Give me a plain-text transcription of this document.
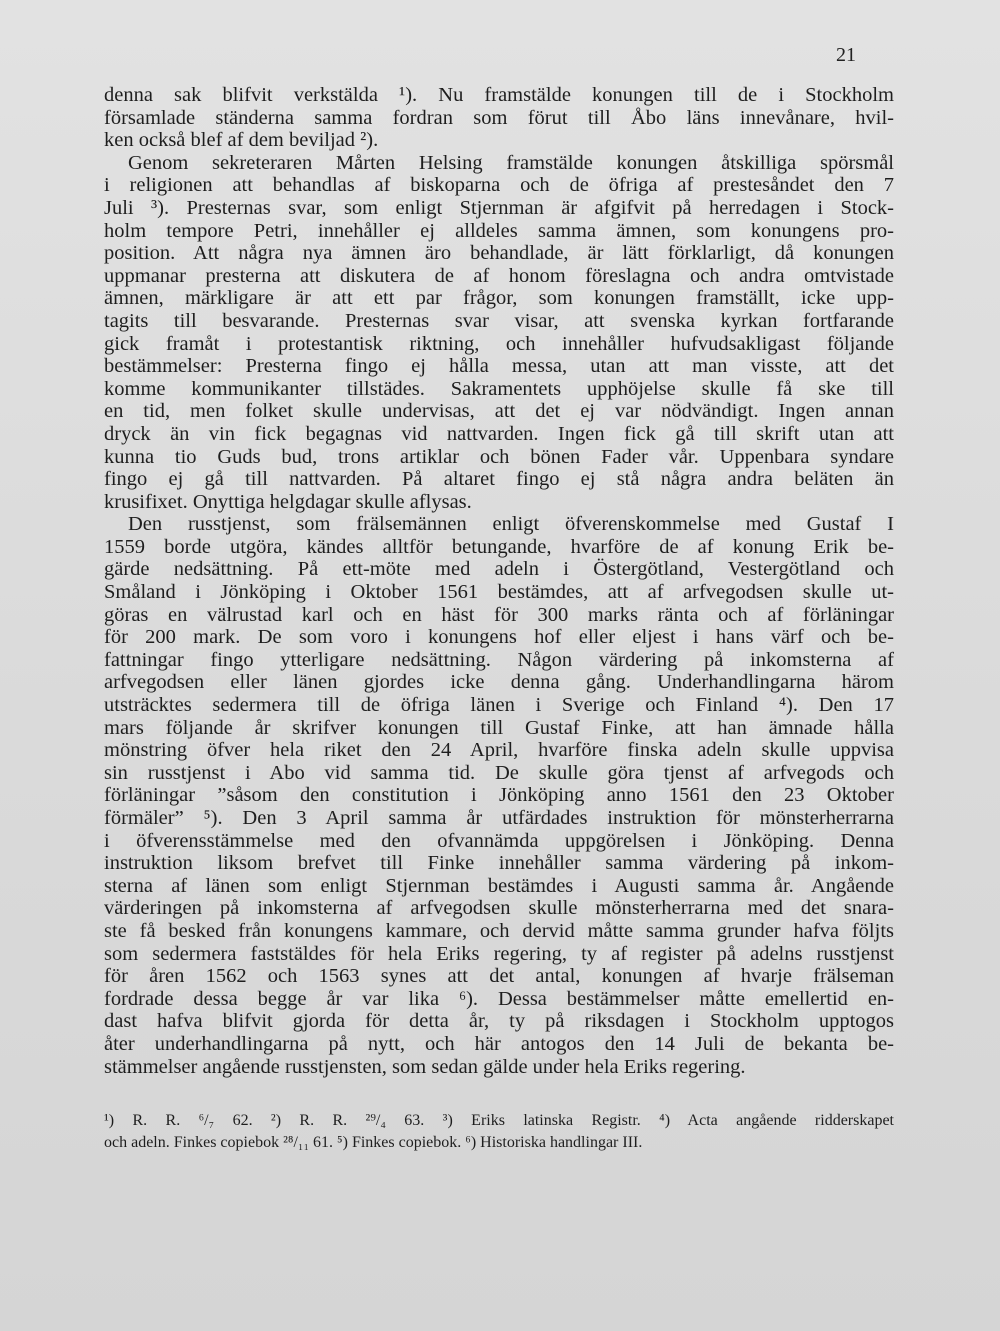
21
denna sak blifvit verkstälda ¹). Nu framstälde konungen till de i Stockholm
församlade ständerna samma fordran som förut till Åbo läns innevånare, hvil-
ken också blef af dem beviljad ²).
Genom sekreteraren Mårten Helsing framstälde konungen åtskilliga spörsmål
i religionen att behandlas af biskoparna och de öfriga af prestesåndet den 7
Juli ³). Presternas svar, som enligt Stjernman är afgifvit på herredagen i Stock-
holm tempore Petri, innehåller ej alldeles samma ämnen, som konungens pro-
position. Att några nya ämnen äro behandlade, är lätt förklarligt, då konungen
uppmanar presterna att diskutera de af honom föreslagna och andra omtvistade
ämnen, märkligare är att ett par frågor, som konungen framställt, icke upp-
tagits till besvarande. Presternas svar visar, att svenska kyrkan fortfarande
gick framåt i protestantisk riktning, och innehåller hufvudsakligast följande
bestämmelser: Presterna fingo ej hålla messa, utan att man visste, att det
komme kommunikanter tillstädes. Sakramentets upphöjelse skulle få ske till
en tid, men folket skulle undervisas, att det ej var nödvändigt. Ingen annan
dryck än vin fick begagnas vid nattvarden. Ingen fick gå till skrift utan att
kunna tio Guds bud, trons artiklar och bönen Fader vår. Uppenbara syndare
fingo ej gå till nattvarden. På altaret fingo ej stå några andra beläten än
krusifixet. Onyttiga helgdagar skulle aflysas.
Den russtjenst, som frälsemännen enligt öfverenskommelse med Gustaf I
1559 borde utgöra, kändes alltför betungande, hvarföre de af konung Erik be-
gärde nedsättning. På ett-möte med adeln i Östergötland, Vestergötland och
Småland i Jönköping i Oktober 1561 bestämdes, att af arfvegodsen skulle ut-
göras en välrustad karl och en häst för 300 marks ränta och af förläningar
för 200 mark. De som voro i konungens hof eller eljest i hans värf och be-
fattningar fingo ytterligare nedsättning. Någon värdering på inkomsterna af
arfvegodsen eller länen gjordes icke denna gång. Underhandlingarna härom
utsträcktes sedermera till de öfriga länen i Sverige och Finland ⁴). Den 17
mars följande år skrifver konungen till Gustaf Finke, att han ämnade hålla
mönstring öfver hela riket den 24 April, hvarföre finska adeln skulle uppvisa
sin russtjenst i Abo vid samma tid. De skulle göra tjenst af arfvegods och
förläningar ”såsom den constitution i Jönköping anno 1561 den 23 Oktober
förmäler” ⁵). Den 3 April samma år utfärdades instruktion för mönsterherrarna
i öfverensstämmelse med den ofvannämda uppgörelsen i Jönköping. Denna
instruktion liksom brefvet till Finke innehåller samma värdering på inkom-
sterna af länen som enligt Stjernman bestämdes i Augusti samma år. Angående
värderingen på inkomsterna af arfvegodsen skulle mönsterherrarna med det snara-
ste få besked från konungens kammare, och dervid måtte samma grunder hafva följts
som sedermera faststäldes för hela Eriks regering, ty af register på adelns russtjenst
för åren 1562 och 1563 synes att det antal, konungen af hvarje frälseman
fordrade dessa begge år var lika ⁶). Dessa bestämmelser måtte emellertid en-
dast hafva blifvit gjorda för detta år, ty på riksdagen i Stockholm upptogos
åter underhandlingarna på nytt, och här antogos den 14 Juli de bekanta be-
stämmelser angående russtjensten, som sedan gälde under hela Eriks regering.
¹) R. R. ⁶/₇ 62. ²) R. R. ²⁹/₄ 63. ³) Eriks latinska Registr. ⁴) Acta angående ridderskapet
och adeln. Finkes copiebok ²⁸/₁₁ 61. ⁵) Finkes copiebok. ⁶) Historiska handlingar III.
